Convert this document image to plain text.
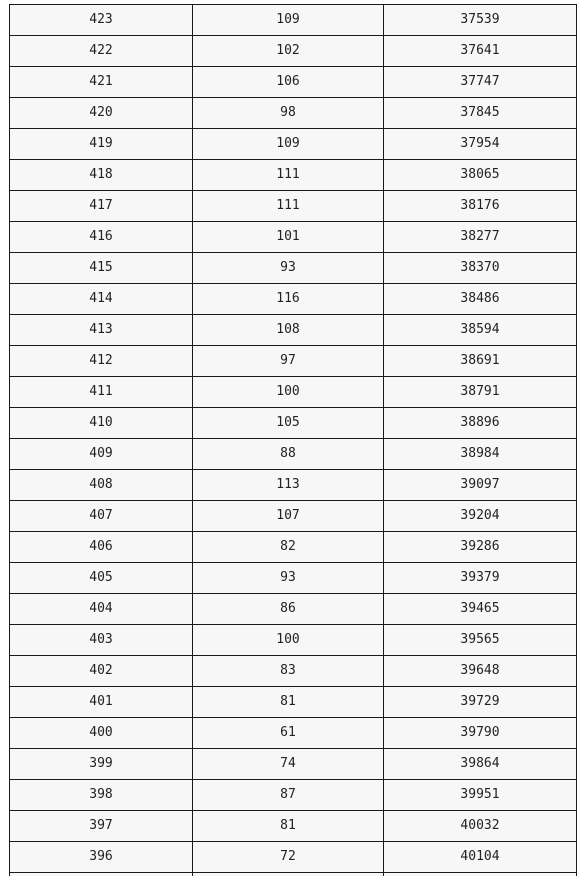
423	109	37539
422	102	37641
421	106	37747
420	98	37845
419	109	37954
418	111	38065
417	111	38176
416	101	38277
415	93	38370
414	116	38486
413	108	38594
412	97	38691
411	100	38791
410	105	38896
409	88	38984
408	113	39097
407	107	39204
406	82	39286
405	93	39379
404	86	39465
403	100	39565
402	83	39648
401	81	39729
400	61	39790
399	74	39864
398	87	39951
397	81	40032
396	72	40104
